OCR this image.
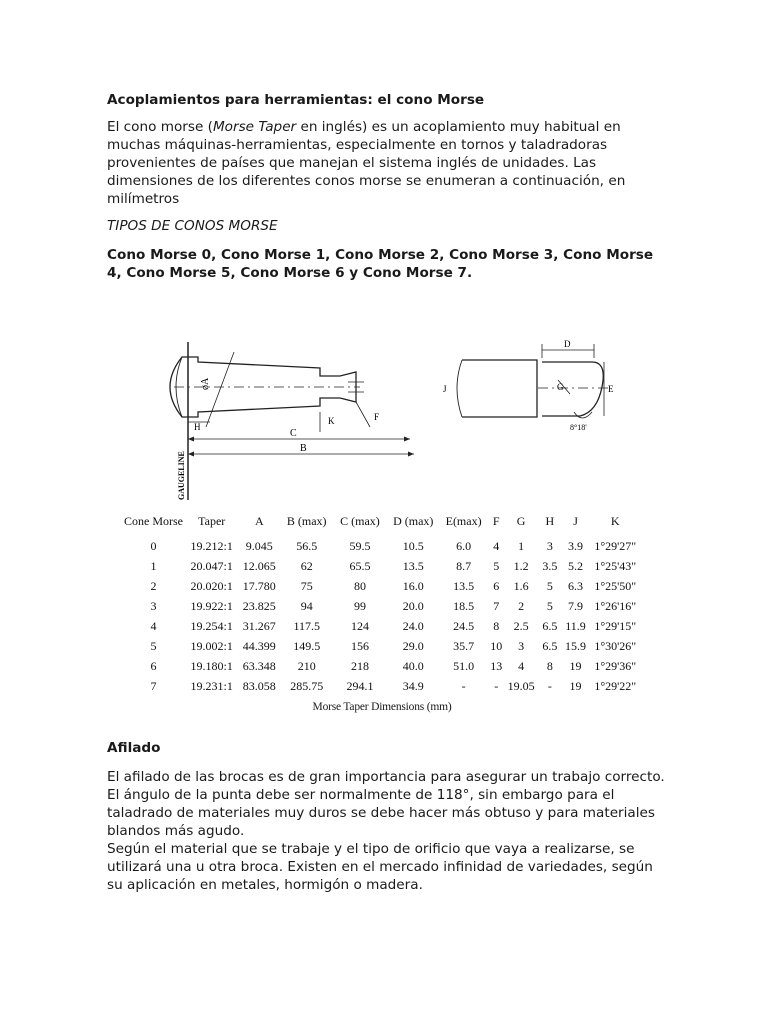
Acoplamientos para herramientas: el cono Morse

El cono morse (Morse Taper en inglés) es un acoplamiento muy habitual en muchas máquinas-herramientas, especialmente en tornos y taladradoras provenientes de países que manejan el sistema inglés de unidades. Las dimensiones de los diferentes conos morse se enumeran a continuación, en milímetros

TIPOS DE CONOS MORSE
Cono Morse 0, Cono Morse 1, Cono Morse 2, Cono Morse 3, Cono Morse 4, Cono Morse 5, Cono Morse 6 y Cono Morse 7.
øA
H
K	F
C
B
GAUGELINE
J
D
G	E
8°18'
Cone Morse	Taper	A	B (max)	C (max)	D (max)	E(max)	F	G	H	J	K
0	19.212:1	9.045	56.5	59.5	10.5	6.0	4	1	3	3.9	1°29'27"
1	20.047:1	12.065	62	65.5	13.5	8.7	5	1.2	3.5	5.2	1°25'43"
2	20.020:1	17.780	75	80	16.0	13.5	6	1.6	5	6.3	1°25'50"
3	19.922:1	23.825	94	99	20.0	18.5	7	2	5	7.9	1°26'16"
4	19.254:1	31.267	117.5	124	24.0	24.5	8	2.5	6.5	11.9	1°29'15"
5	19.002:1	44.399	149.5	156	29.0	35.7	10	3	6.5	15.9	1°30'26"
6	19.180:1	63.348	210	218	40.0	51.0	13	4	8	19	1°29'36"
7	19.231:1	83.058	285.75	294.1	34.9	-	-	19.05	-	19	1°29'22"
Morse Taper Dimensions (mm)
Afilado
El afilado de las brocas es de gran importancia para asegurar un trabajo correcto.
El ángulo de la punta debe ser normalmente de 118°, sin embargo para el taladrado de materiales muy duros se debe hacer más obtuso y para materiales blandos más agudo.

Según el material que se trabaje y el tipo de orificio que vaya a realizarse, se utilizará una u otra broca. Existen en el mercado infinidad de variedades, según su aplicación en metales, hormigón o madera.
